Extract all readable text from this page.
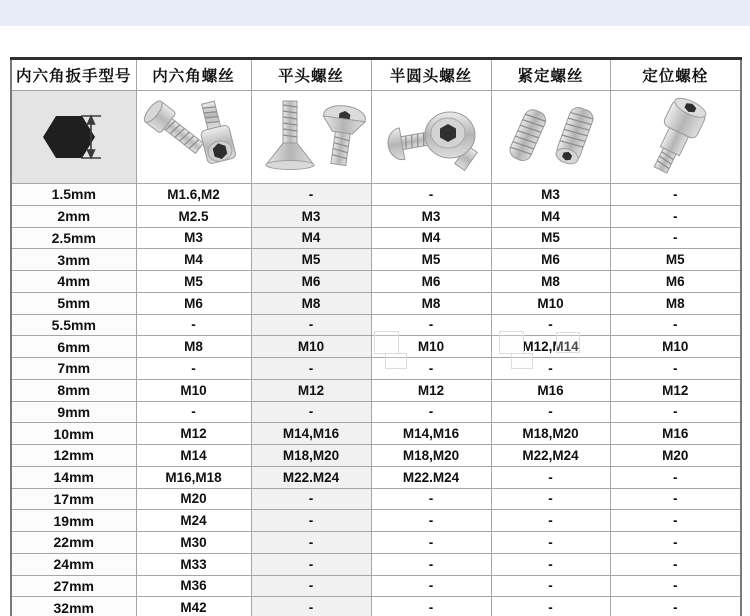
内六角扳手型号	内六角螺丝	平头螺丝	半圆头螺丝	紧定螺丝	定位螺栓

1.5mm	M1.6,M2	-	-	M3	-
2mm	M2.5	M3	M3	M4	-
2.5mm	M3	M4	M4	M5	-
3mm	M4	M5	M5	M6	M5
4mm	M5	M6	M6	M8	M6
5mm	M6	M8	M8	M10	M8
5.5mm	-	-	-	-	-
6mm	M8	M10	M10	M12,M14	M10
7mm	-	-	-	-	-
8mm	M10	M12	M12	M16	M12
9mm	-	-	-	-	-
10mm	M12	M14,M16	M14,M16	M18,M20	M16
12mm	M14	M18,M20	M18,M20	M22,M24	M20
14mm	M16,M18	M22.M24	M22.M24	-	-
17mm	M20	-	-	-	-
19mm	M24	-	-	-	-
22mm	M30	-	-	-	-
24mm	M33	-	-	-	-
27mm	M36	-	-	-	-
32mm	M42	-	-	-	-
